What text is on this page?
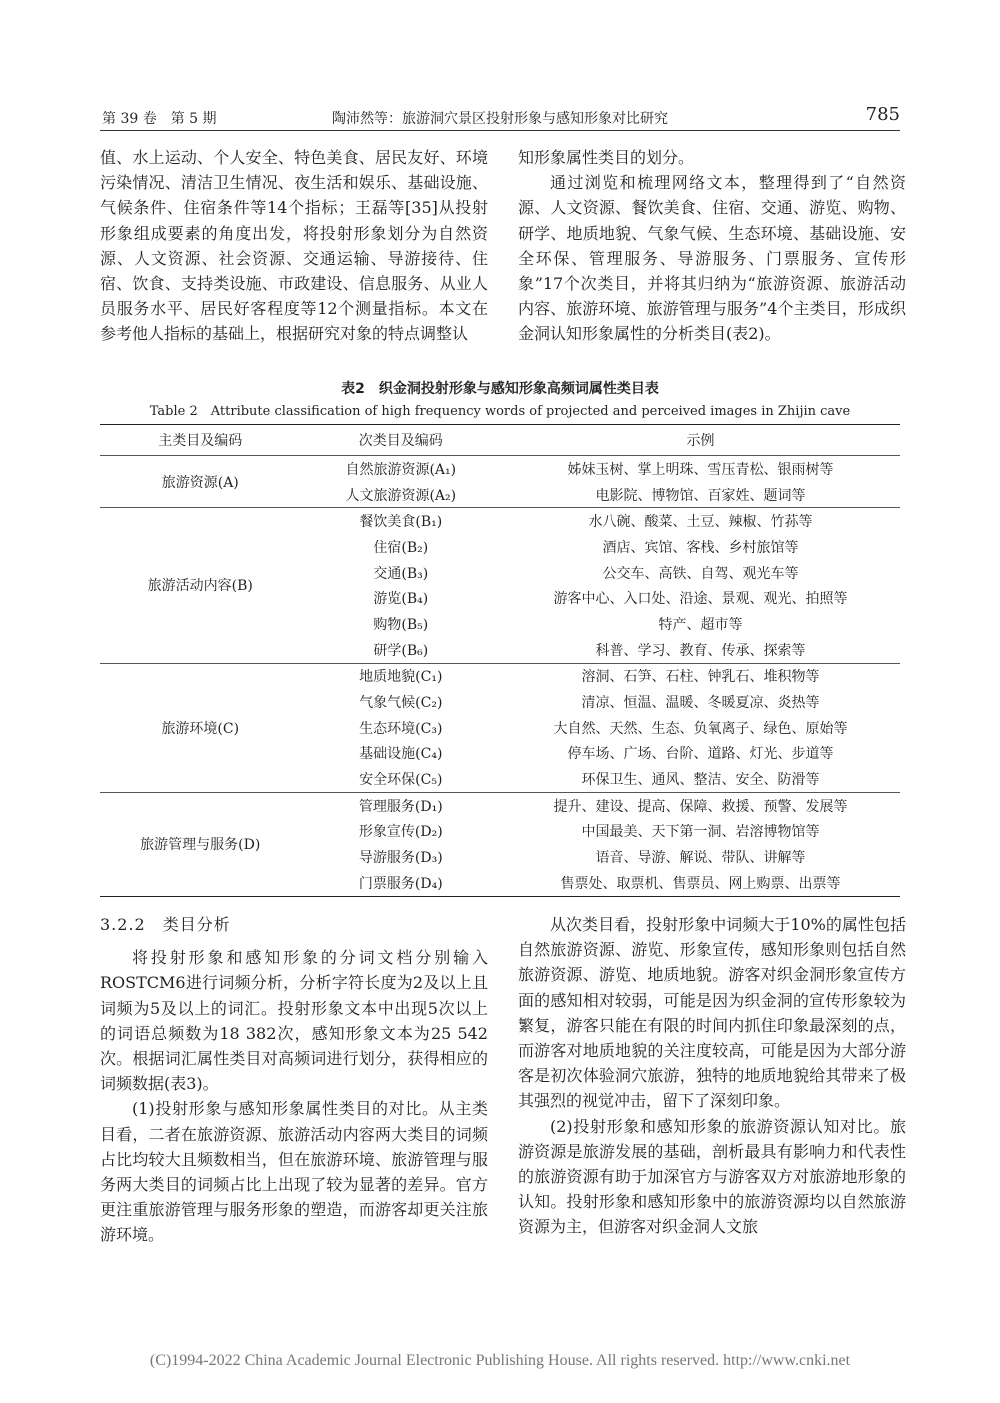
第 39 卷　第 5 期	陶沛然等：旅游洞穴景区投射形象与感知形象对比研究	785

值、水上运动、个人安全、特色美食、居民友好、环境污染情况、清洁卫生情况、夜生活和娱乐、基础设施、气候条件、住宿条件等14个指标；王磊等[35]从投射形象组成要素的角度出发，将投射形象划分为自然资源、人文资源、社会资源、交通运输、导游接待、住宿、饮食、支持类设施、市政建设、信息服务、从业人员服务水平、居民好客程度等12个测量指标。本文在参考他人指标的基础上，根据研究对象的特点调整认

知形象属性类目的划分。

通过浏览和梳理网络文本，整理得到了“自然资源、人文资源、餐饮美食、住宿、交通、游览、购物、研学、地质地貌、气象气候、生态环境、基础设施、安全环保、管理服务、导游服务、门票服务、宣传形象”17个次类目，并将其归纳为“旅游资源、旅游活动内容、旅游环境、旅游管理与服务”4个主类目，形成织金洞认知形象属性的分析类目(表2)。

表2　织金洞投射形象与感知形象高频词属性类目表
Table 2　Attribute classification of high frequency words of projected and perceived images in Zhijin cave
主类目及编码	次类目及编码	示例
旅游资源(A)	自然旅游资源(A₁)	姊妹玉树、掌上明珠、雪压青松、银雨树等
	人文旅游资源(A₂)	电影院、博物馆、百家姓、题词等
旅游活动内容(B)	餐饮美食(B₁)	水八碗、酸菜、土豆、辣椒、竹荪等
	住宿(B₂)	酒店、宾馆、客栈、乡村旅馆等
	交通(B₃)	公交车、高铁、自驾、观光车等
	游览(B₄)	游客中心、入口处、沿途、景观、观光、拍照等
	购物(B₅)	特产、超市等
	研学(B₆)	科普、学习、教育、传承、探索等
旅游环境(C)	地质地貌(C₁)	溶洞、石笋、石柱、钟乳石、堆积物等
	气象气候(C₂)	清凉、恒温、温暖、冬暖夏凉、炎热等
	生态环境(C₃)	大自然、天然、生态、负氧离子、绿色、原始等
	基础设施(C₄)	停车场、广场、台阶、道路、灯光、步道等
	安全环保(C₅)	环保卫生、通风、整洁、安全、防滑等
旅游管理与服务(D)	管理服务(D₁)	提升、建设、提高、保障、救援、预警、发展等
	形象宣传(D₂)	中国最美、天下第一洞、岩溶博物馆等
	导游服务(D₃)	语音、导游、解说、带队、讲解等
	门票服务(D₄)	售票处、取票机、售票员、网上购票、出票等

3.2.2　类目分析

将投射形象和感知形象的分词文档分别输入ROSTCM6进行词频分析，分析字符长度为2及以上且词频为5及以上的词汇。投射形象文本中出现5次以上的词语总频数为18 382次，感知形象文本为25 542次。根据词汇属性类目对高频词进行划分，获得相应的词频数据(表3)。

(1)投射形象与感知形象属性类目的对比。从主类目看，二者在旅游资源、旅游活动内容两大类目的词频占比均较大且频数相当，但在旅游环境、旅游管理与服务两大类目的词频占比上出现了较为显著的差异。官方更注重旅游管理与服务形象的塑造，而游客却更关注旅游环境。

从次类目看，投射形象中词频大于10%的属性包括自然旅游资源、游览、形象宣传，感知形象则包括自然旅游资源、游览、地质地貌。游客对织金洞形象宣传方面的感知相对较弱，可能是因为织金洞的宣传形象较为繁复，游客只能在有限的时间内抓住印象最深刻的点，而游客对地质地貌的关注度较高，可能是因为大部分游客是初次体验洞穴旅游，独特的地质地貌给其带来了极其强烈的视觉冲击，留下了深刻印象。

(2)投射形象和感知形象的旅游资源认知对比。旅游资源是旅游发展的基础，剖析最具有影响力和代表性的旅游资源有助于加深官方与游客双方对旅游地形象的认知。投射形象和感知形象中的旅游资源均以自然旅游资源为主，但游客对织金洞人文旅

(C)1994-2022 China Academic Journal Electronic Publishing House. All rights reserved. http://www.cnki.net
